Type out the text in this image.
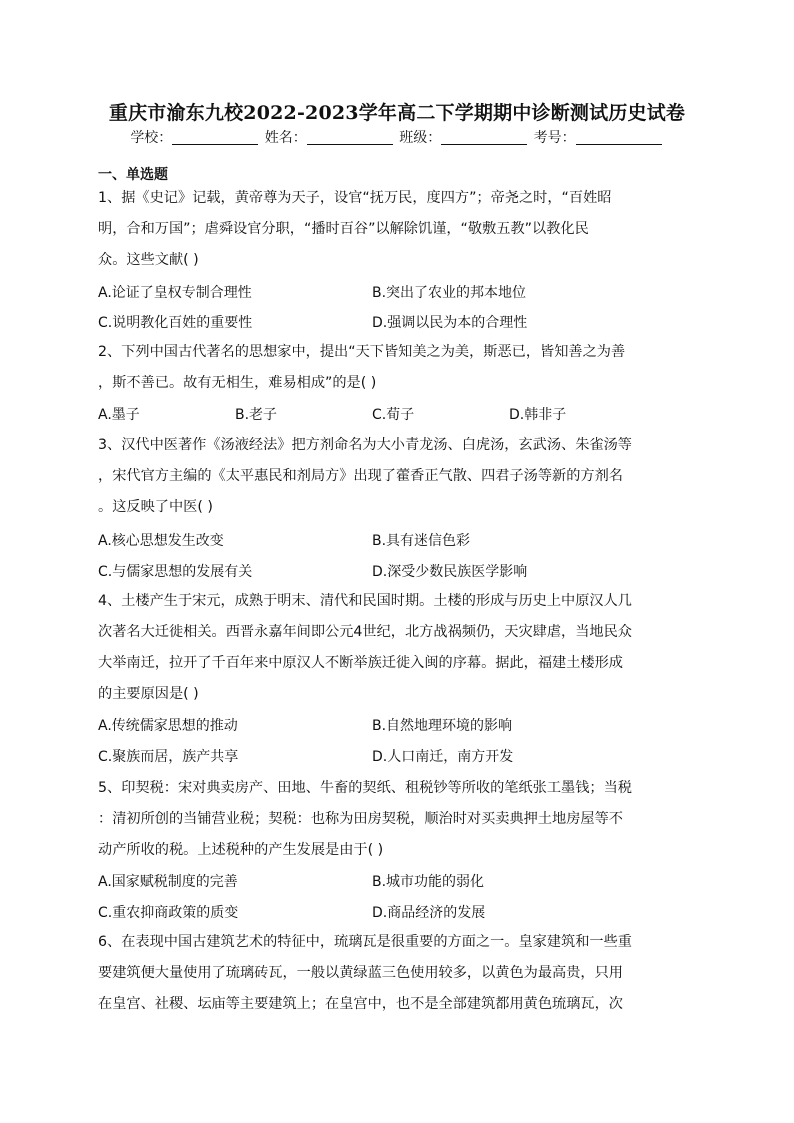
重庆市渝东九校2022-2023学年高二下学期期中诊断测试历史试卷
学校：	姓名：	班级：	考号：
一、单选题

1、据《史记》记载，黄帝尊为天子，设官“抚万民，度四方”；帝尧之时，“百姓昭

明，合和万国”；虐舜设官分职，“播时百谷”以解除饥谨，“敬敷五教”以教化民

众。这些文献( )

A.论证了皇权专制合理性	B.突出了农业的邦本地位
C.说明教化百姓的重要性	D.强调以民为本的合理性

2、下列中国古代著名的思想家中，提出“天下皆知美之为美，斯恶已，皆知善之为善

，斯不善已。故有无相生，难易相成”的是( )

A.墨子	B.老子	C.荀子	D.韩非子

3、汉代中医著作《汤液经法》把方剂命名为大小青龙汤、白虎汤，玄武汤、朱雀汤等

，宋代官方主编的《太平惠民和剂局方》出现了藿香正气散、四君子汤等新的方剂名

。这反映了中医( )

A.核心思想发生改变	B.具有迷信色彩
C.与儒家思想的发展有关	D.深受少数民族医学影响

4、土楼产生于宋元，成熟于明末、清代和民国时期。土楼的形成与历史上中原汉人几

次著名大迁徙相关。西晋永嘉年间即公元4世纪，北方战祸频仍，天灾肆虐，当地民众

大举南迁，拉开了千百年来中原汉人不断举族迁徙入闽的序幕。据此，福建土楼形成

的主要原因是( )

A.传统儒家思想的推动	B.自然地理环境的影响
C.聚族而居，族产共享	D.人口南迁，南方开发

5、印契税：宋对典卖房产、田地、牛畜的契纸、租税钞等所收的笔纸张工墨钱；当税

：清初所创的当铺营业税；契税：也称为田房契税，顺治时对买卖典押土地房屋等不

动产所收的税。上述税种的产生发展是由于( )

A.国家赋税制度的完善	B.城市功能的弱化
C.重农抑商政策的质变	D.商品经济的发展

6、在表现中国古建筑艺术的特征中，琉璃瓦是很重要的方面之一。皇家建筑和一些重

要建筑便大量使用了琉璃砖瓦，一般以黄绿蓝三色使用较多，以黄色为最高贵，只用

在皇宫、社稷、坛庙等主要建筑上；在皇宫中，也不是全部建筑都用黄色琉璃瓦，次
